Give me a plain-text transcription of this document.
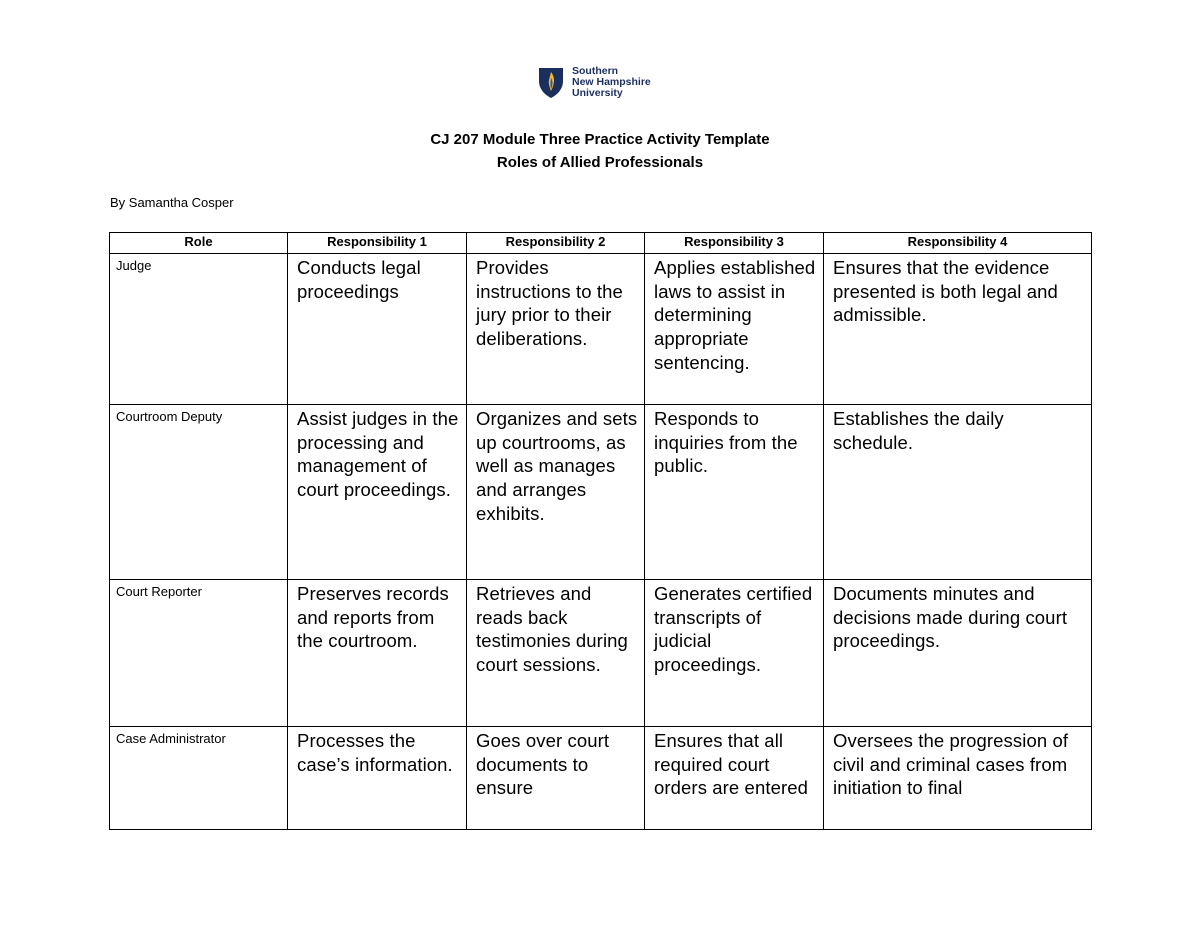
Southern
New Hampshire
University
CJ 207 Module Three Practice Activity Template
Roles of Allied Professionals
By Samantha Cosper
Role	Responsibility 1	Responsibility 2	Responsibility 3	Responsibility 4
Judge	Conducts legal proceedings	Provides instructions to the jury prior to their deliberations.	Applies established laws to assist in determining appropriate sentencing.	Ensures that the evidence presented is both legal and admissible.
Courtroom Deputy	Assist judges in the processing and management of court proceedings.	Organizes and sets up courtrooms, as well as manages and arranges exhibits.	Responds to inquiries from the public.	Establishes the daily schedule.
Court Reporter	Preserves records and reports from the courtroom.	Retrieves and reads back testimonies during court sessions.	Generates certified transcripts of judicial proceedings.	Documents minutes and decisions made during court proceedings.
Case Administrator	Processes the case’s information.	Goes over court documents to ensure	Ensures that all required court orders are entered	Oversees the progression of civil and criminal cases from initiation to final
